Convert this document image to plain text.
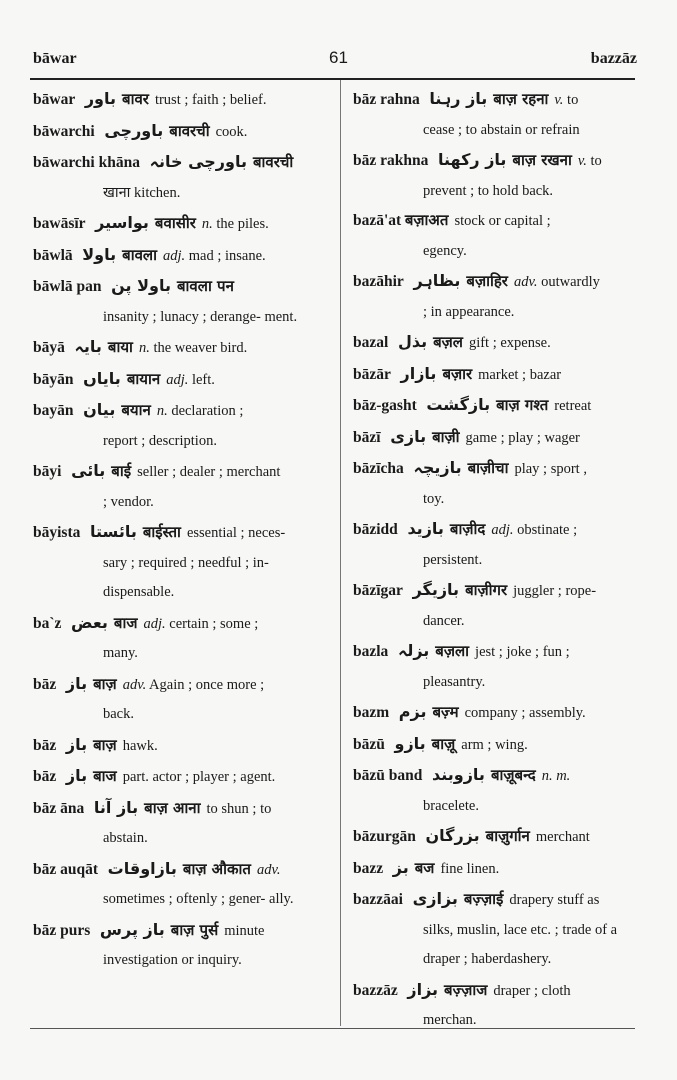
bāwar	61	bazzāz
bāwar باور बावर trust ; faith ; belief.
bāwarchi باورچی बावरची cook.
bāwarchi khāna باورچی خانہ बावरची
खाना kitchen.
bawāsīr بواسیر बवासीर n. the piles.
bāwlā باولا बावला adj. mad ; insane.
bāwlā pan باولا پن बावला पन
insanity ; lunacy ; derange- ment.
bāyā بایہ बाया n. the weaver bird.
bāyān بایاں बायान adj. left.
bayān بیان बयान n. declaration ;
report ; description.
bāyi بائی बाई seller ; dealer ; merchant
; vendor.
bāyista بائستا बाईस्ता essential ; neces-
sary ; required ; needful ; in- dispensable.
ba`z بعض बाज adj. certain ; some ;
many.
bāz باز बाज़ adv. Again ; once more ;
back.
bāz باز बाज़ hawk.
bāz باز बाज part. actor ; player ; agent.
bāz āna باز آنا बाज़ आना to shun ; to
abstain.
bāz auqāt بازاوقات बाज़ औकात adv.
sometimes ; oftenly ; gener- ally.
bāz purs باز پرس बाज़ पुर्स minute
investigation or inquiry.
bāz rahna باز رہنا बाज़ रहना v. to
cease ; to abstain or refrain
bāz rakhna باز رکھنا बाज़ रखना v. to
prevent ; to hold back.
bazā'at बज़ाअत stock or capital ;
egency.
bazāhir بظاہر बज़ाहिर adv. outwardly
; in appearance.
bazal بذل बज़ल gift ; expense.
bāzār بازار बज़ार market ; bazar
bāz-gasht بازگشت बाज़ गश्त retreat
bāzī بازی बाज़ी game ; play ; wager
bāzīcha بازیچہ बाज़ीचा play ; sport ,
toy.
bāzidd بازید बाज़ीद adj. obstinate ;
persistent.
bāzīgar بازیگر बाज़ीगर juggler ; rope-
dancer.
bazla بزلہ बज़ला jest ; joke ; fun ;
pleasantry.
bazm بزم बज़्म company ; assembly.
bāzū بازو बाज़ू arm ; wing.
bāzū band بازوبند बाज़ूबन्द n. m.
bracelete.
bāzurgān بزرگان बाज़ुर्गान merchant
bazz بز बज fine linen.
bazzāai بزازی बज़्ज़ाई drapery stuff as
silks, muslin, lace etc. ; trade of a draper ; haberdashery.
bazzāz بزاز बज़्ज़ाज draper ; cloth
merchan.
